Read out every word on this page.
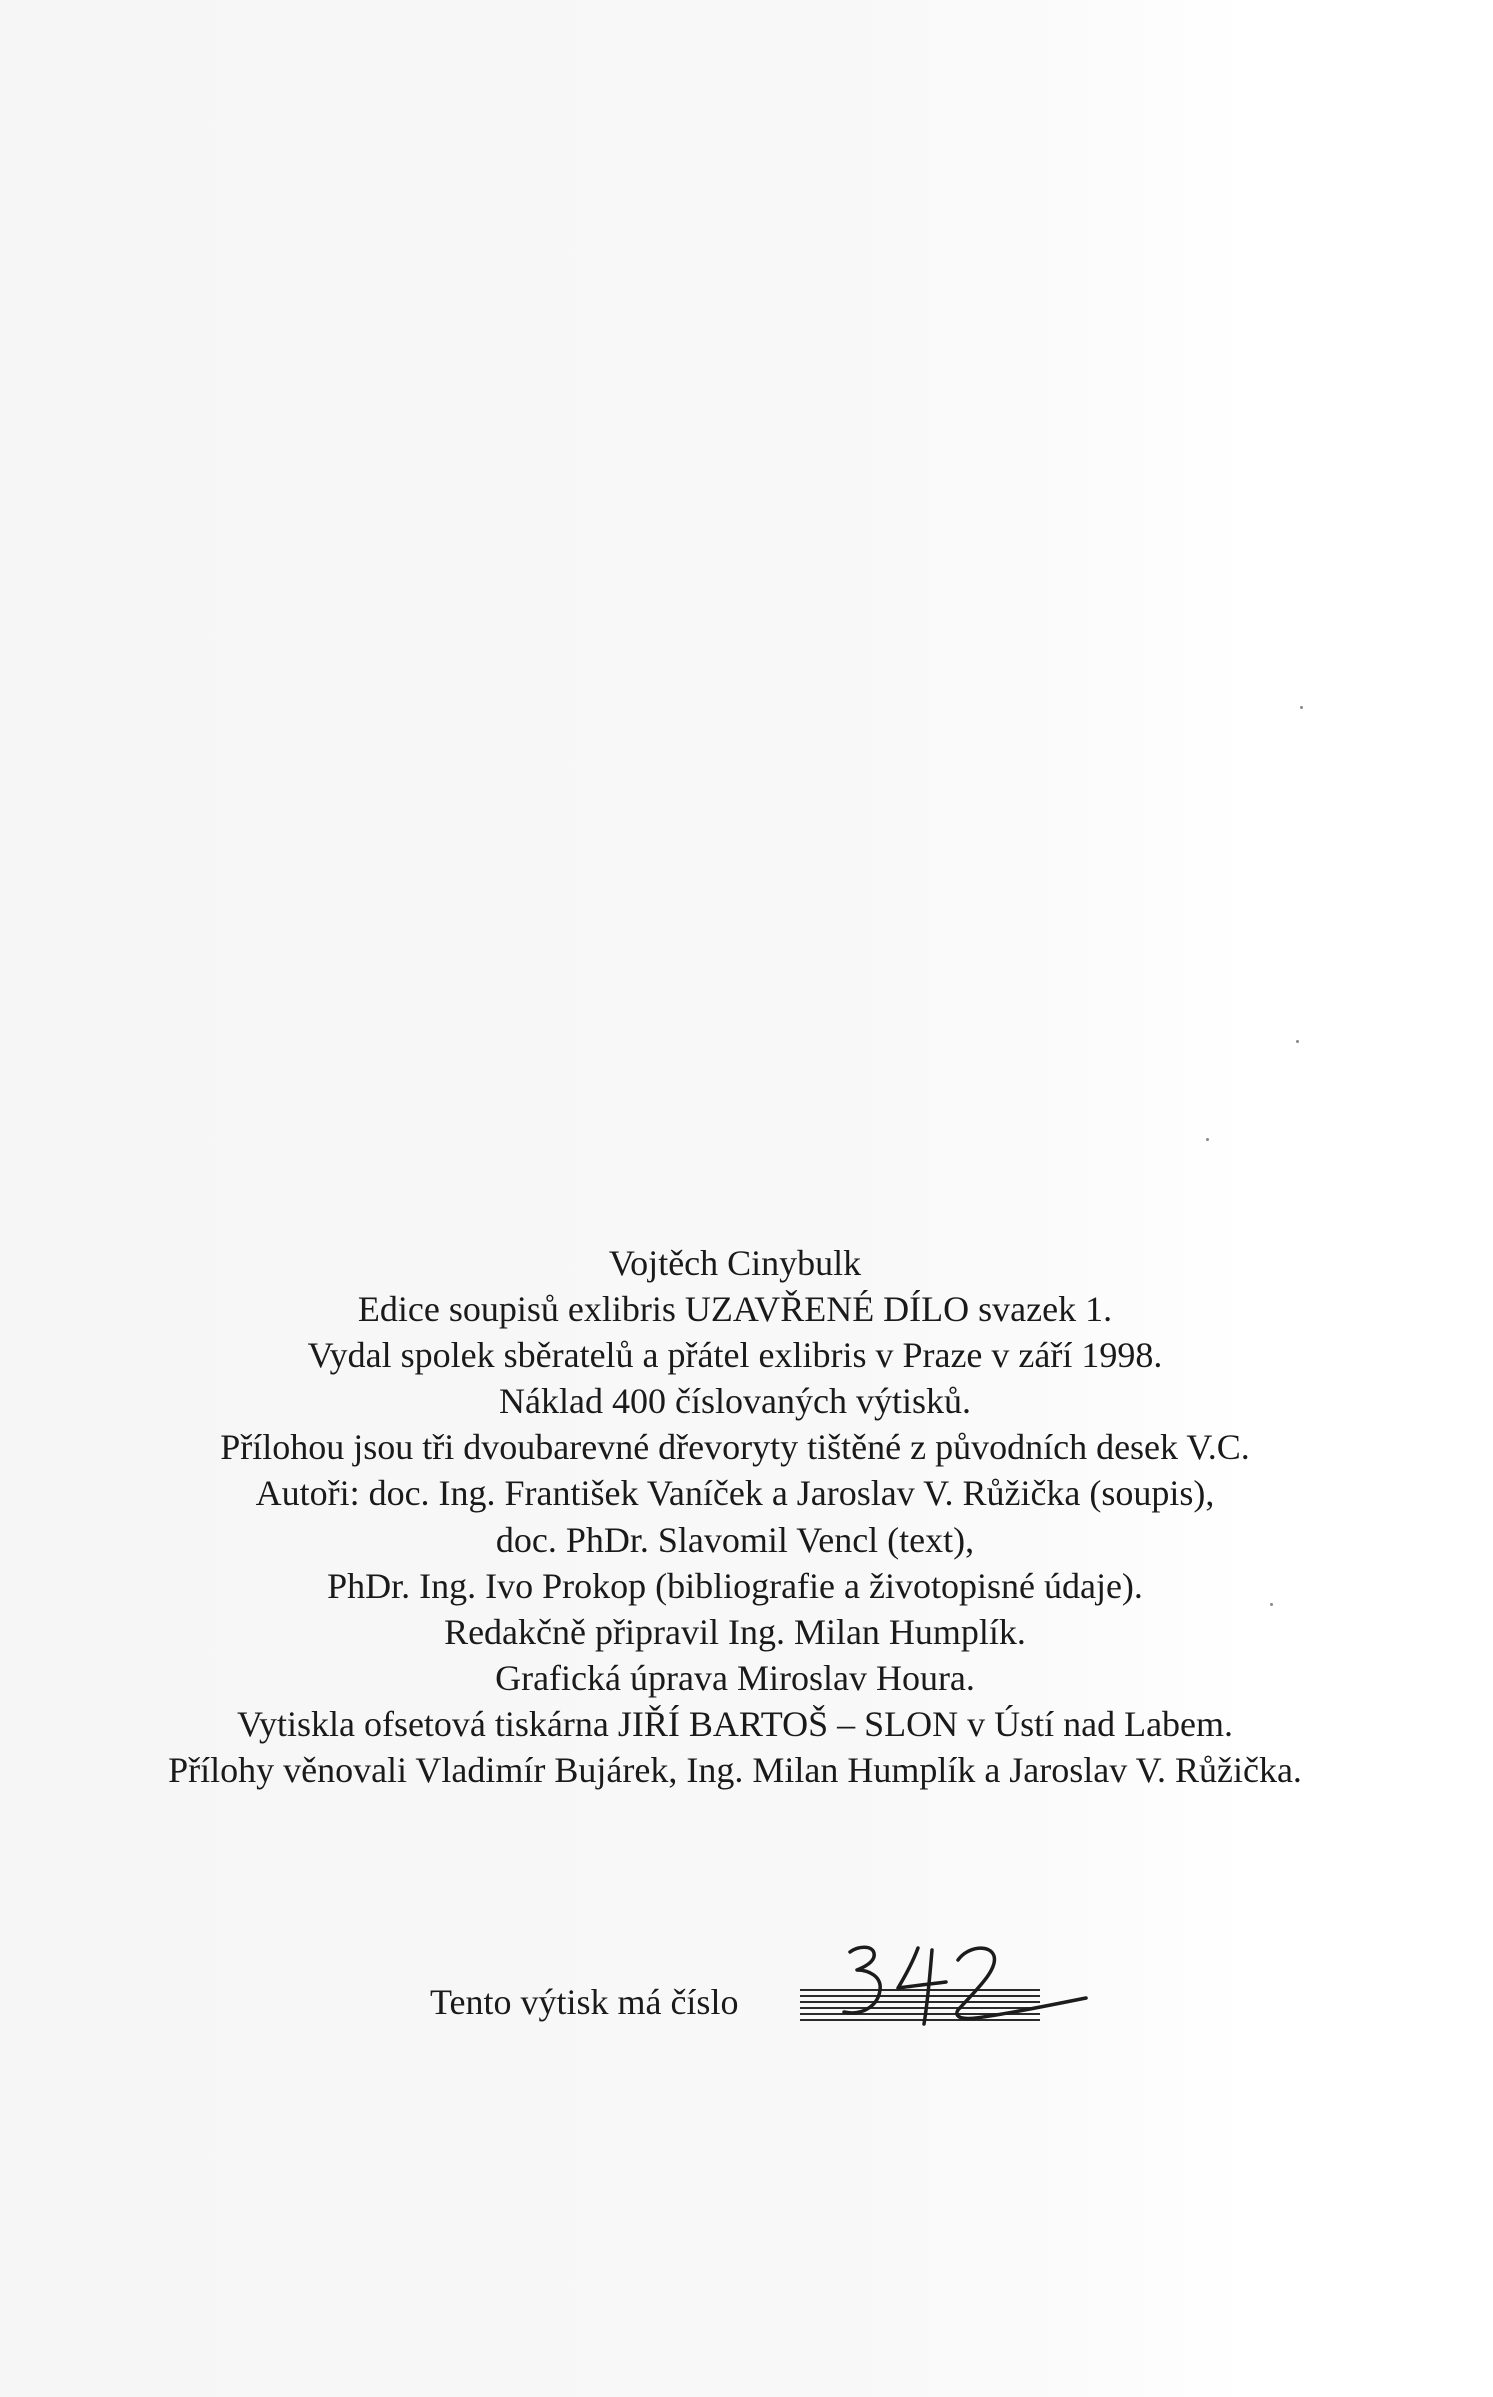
Vojtěch Cinybulk
Edice soupisů exlibris UZAVŘENÉ DÍLO svazek 1.
Vydal spolek sběratelů a přátel exlibris v Praze v září 1998.
Náklad 400 číslovaných výtisků.
Přílohou jsou tři dvoubarevné dřevoryty tištěné z původních desek V.C.
Autoři: doc. Ing. František Vaníček a Jaroslav V. Růžička (soupis),
doc. PhDr. Slavomil Vencl (text),
PhDr. Ing. Ivo Prokop (bibliografie a životopisné údaje).
Redakčně připravil Ing. Milan Humplík.
Grafická úprava Miroslav Houra.
Vytiskla ofsetová tiskárna JIŘÍ BARTOŠ – SLON v Ústí nad Labem.
Přílohy věnovali Vladimír Bujárek, Ing. Milan Humplík a Jaroslav V. Růžička.
Tento výtisk má číslo
